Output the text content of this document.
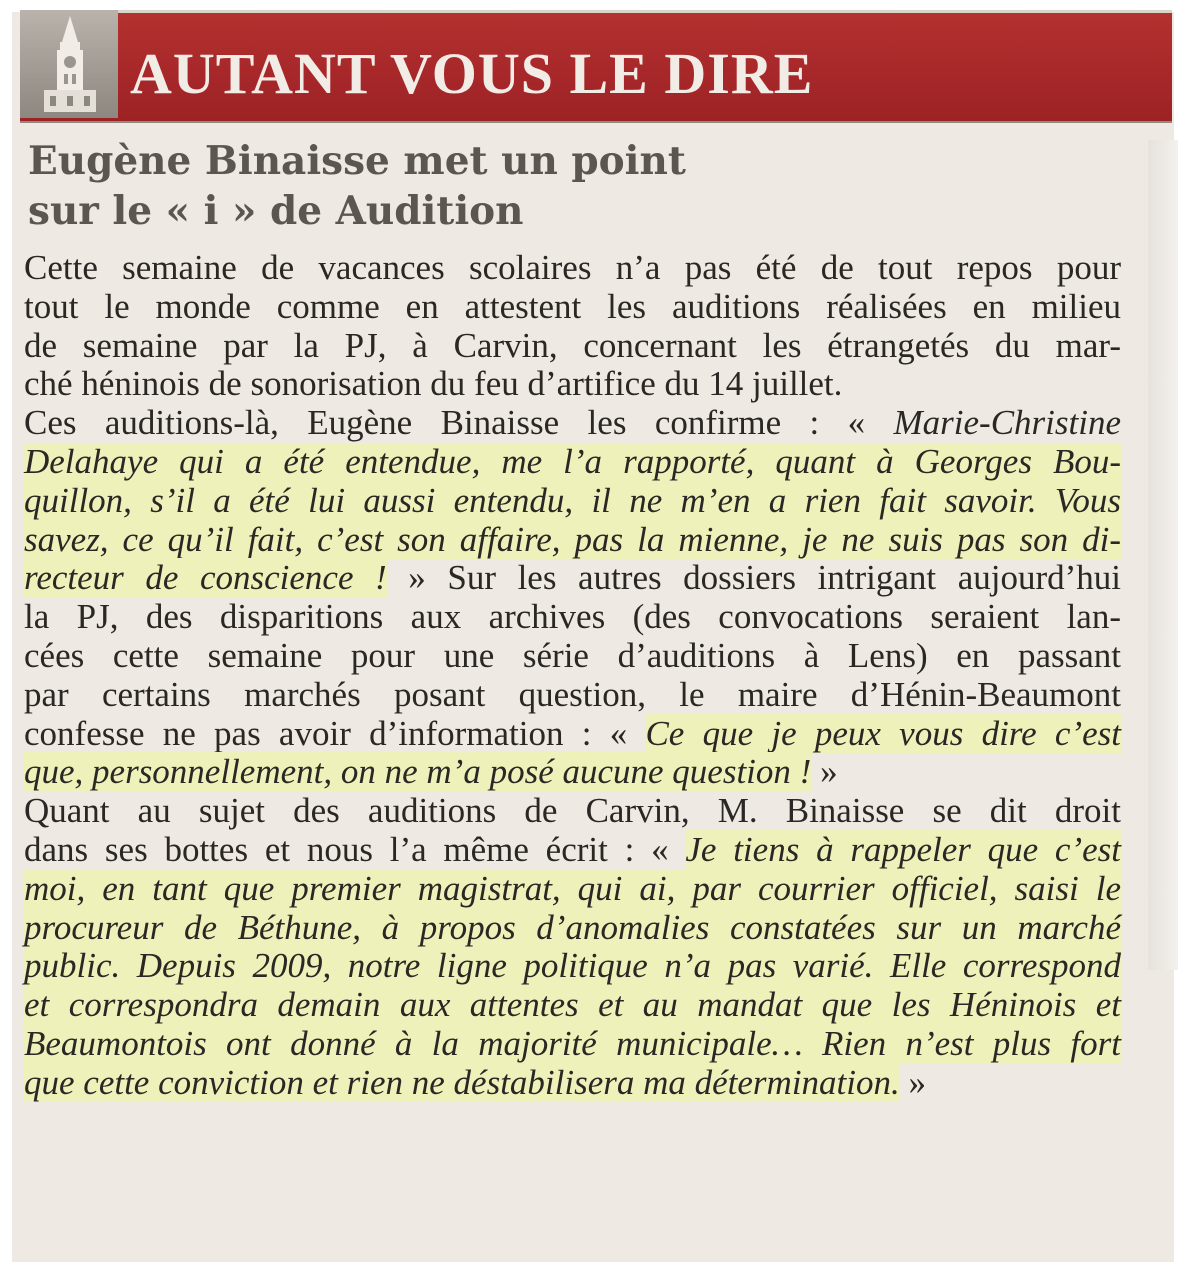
AUTANT VOUS LE DIRE
Eugène Binaisse met un point
sur le « i » de Audition
Cette semaine de vacances scolaires n’a pas été de tout repos pour
tout le monde comme en attestent les auditions réalisées en milieu
de semaine par la PJ, à Carvin, concernant les étrangetés du mar-
ché héninois de sonorisation du feu d’artifice du 14 juillet.
Ces auditions-là, Eugène Binaisse les confirme : « Marie-Christine
Delahaye qui a été entendue, me l’a rapporté, quant à Georges Bou-
quillon, s’il a été lui aussi entendu, il ne m’en a rien fait savoir. Vous
savez, ce qu’il fait, c’est son affaire, pas la mienne, je ne suis pas son di-
recteur de conscience ! » Sur les autres dossiers intrigant aujourd’hui
la PJ, des disparitions aux archives (des convocations seraient lan-
cées cette semaine pour une série d’auditions à Lens) en passant
par certains marchés posant question, le maire d’Hénin-Beaumont
confesse ne pas avoir d’information : « Ce que je peux vous dire c’est
que, personnellement, on ne m’a posé aucune question ! »
Quant au sujet des auditions de Carvin, M. Binaisse se dit droit
dans ses bottes et nous l’a même écrit : « Je tiens à rappeler que c’est
moi, en tant que premier magistrat, qui ai, par courrier officiel, saisi le
procureur de Béthune, à propos d’anomalies constatées sur un marché
public. Depuis 2009, notre ligne politique n’a pas varié. Elle correspond
et correspondra demain aux attentes et au mandat que les Héninois et
Beaumontois ont donné à la majorité municipale… Rien n’est plus fort
que cette conviction et rien ne déstabilisera ma détermination. »
